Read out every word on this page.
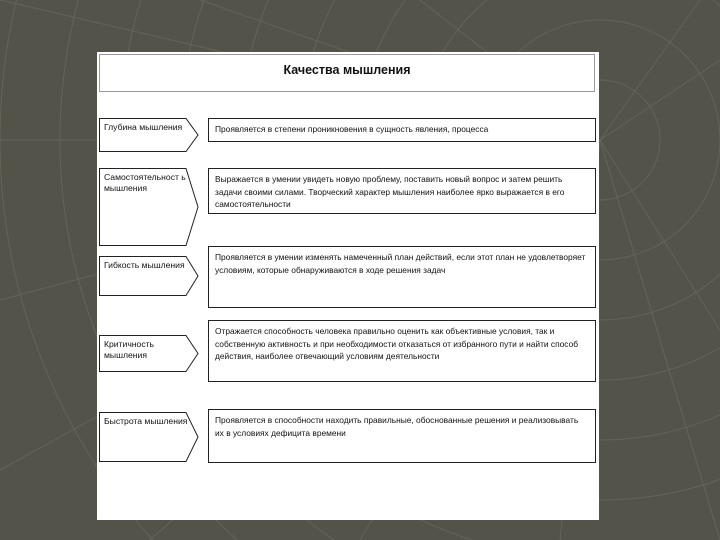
Качества мышления
Глубина мышления	Проявляется в степени проникновения в сущность явления, процесса
Самостоятельност ь мышления
Выражается в умении увидеть новую проблему, поставить новый вопрос и затем решить задачи своими силами. Творческий характер мышления наиболее ярко выражается в его самостоятельности
Гибкость мышления
Проявляется в умении изменять намеченный план действий, если этот план не удовлетворяет условиям, которые обнаруживаются в ходе решения задач
Критичность мышления
Отражается способность человека правильно оценить как объективные условия, так и собственную активность и при необходимости отказаться от избранного пути и найти способ действия, наиболее отвечающий условиям деятельности
Быстрота мышления	Проявляется в способности находить правильные, обоснованные решения и реализовывать их в условиях дефицита времени
